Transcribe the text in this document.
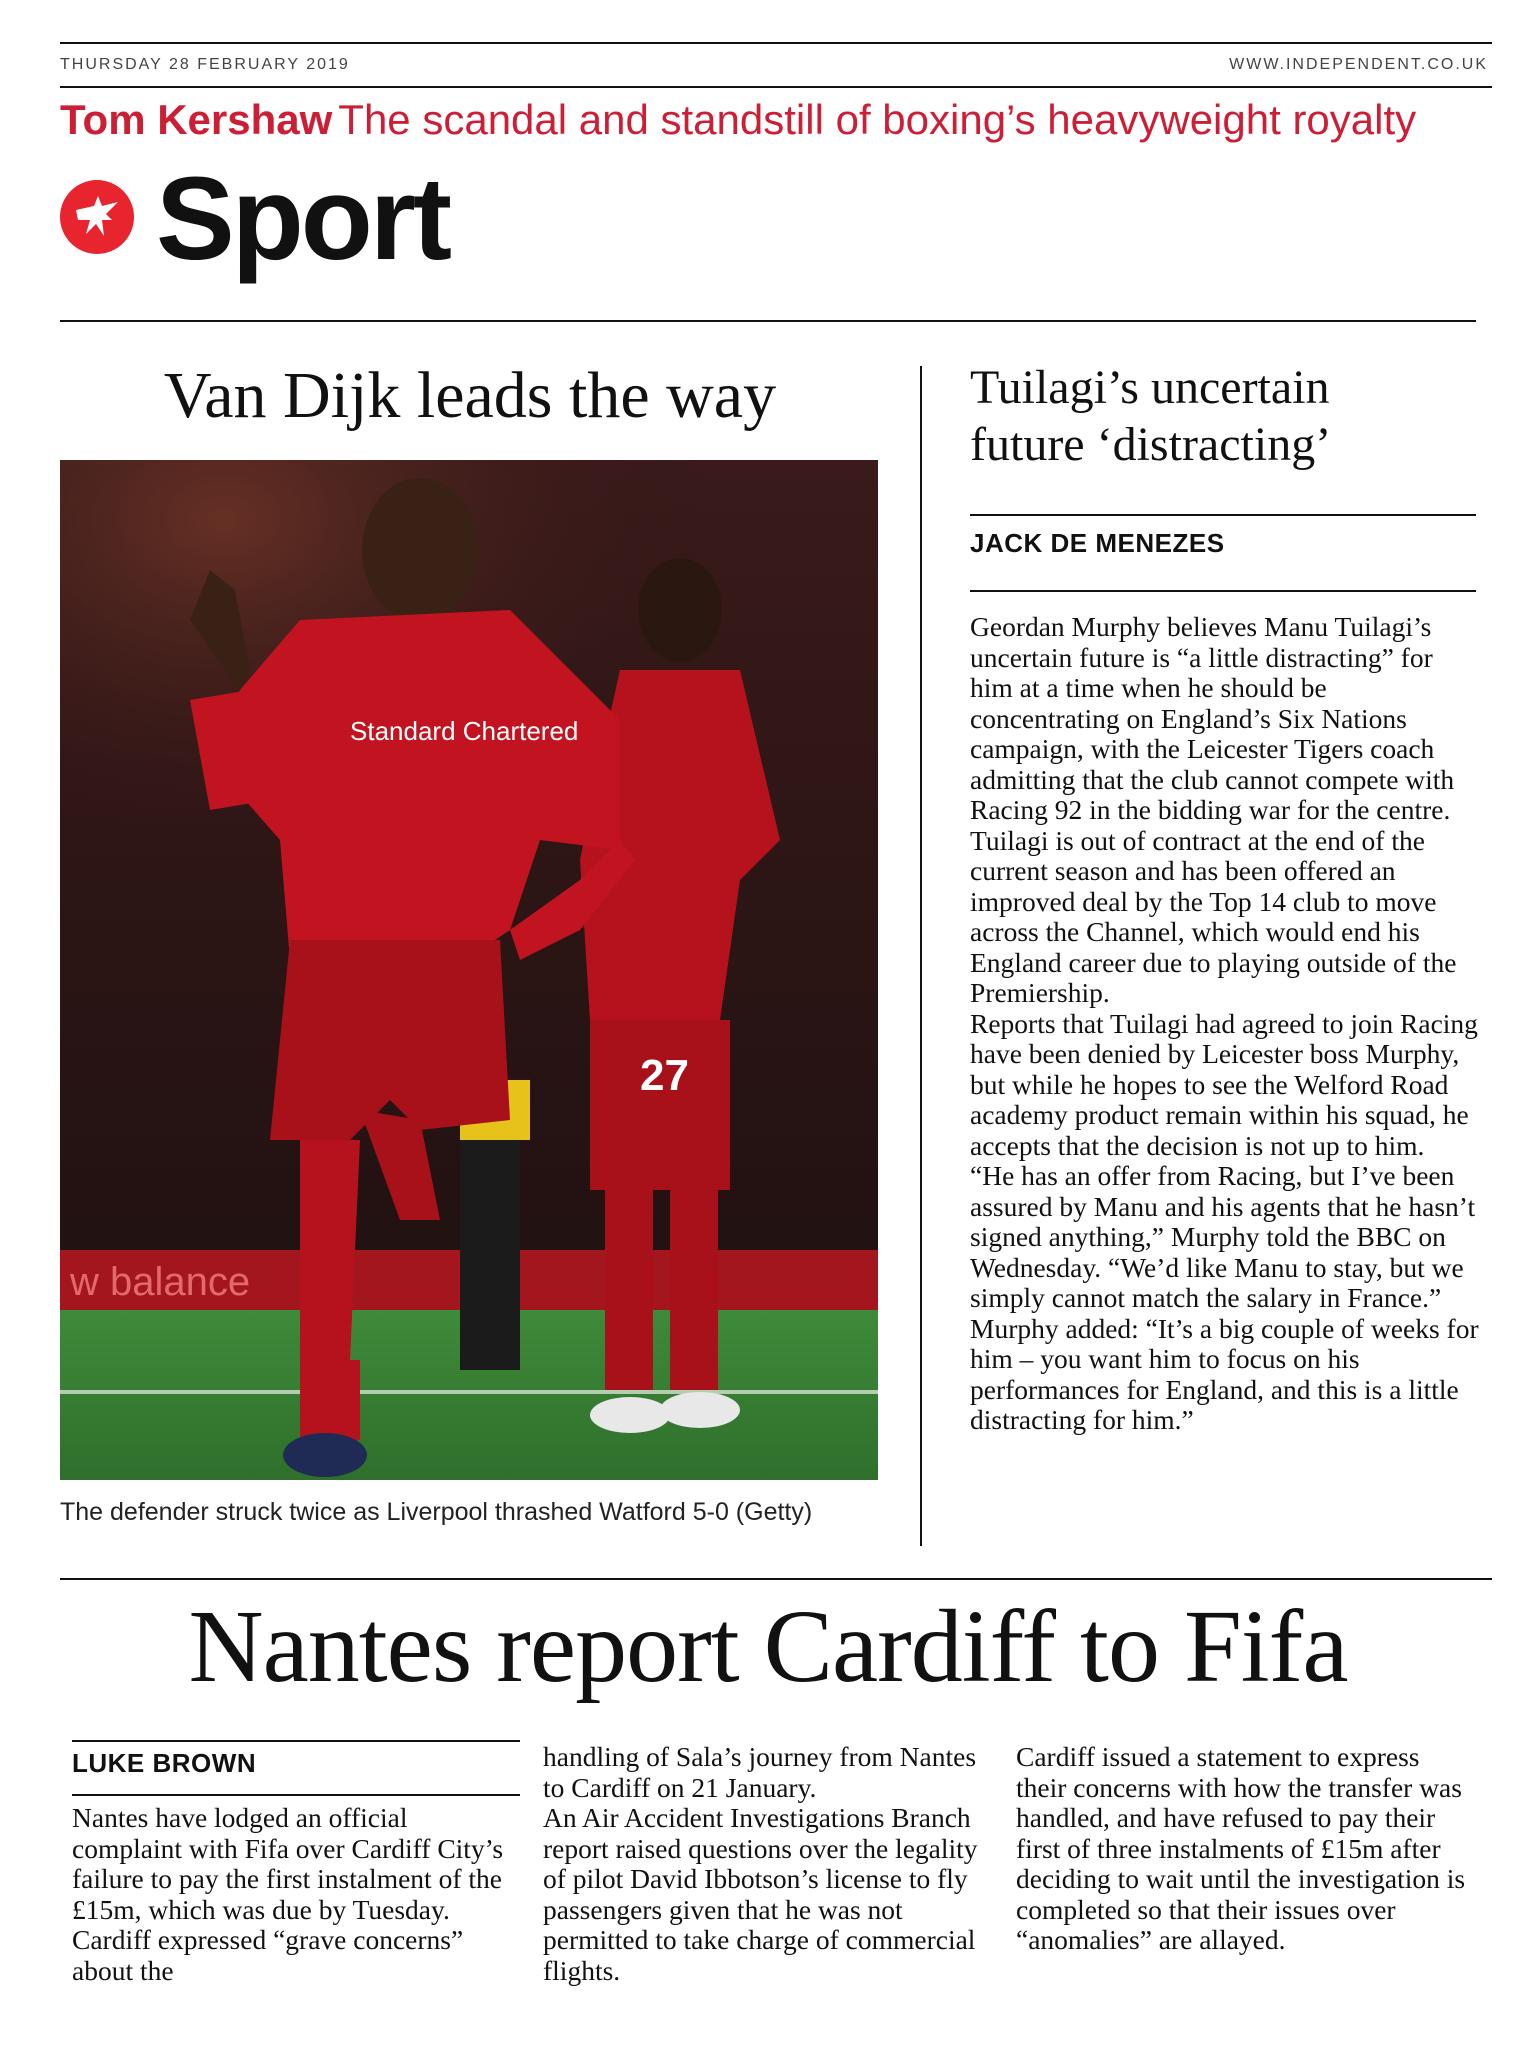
THURSDAY 28 FEBRUARY 2019	WWW.INDEPENDENT.CO.UK
Tom Kershaw The scandal and standstill of boxing’s heavyweight royalty
Sport
Van Dijk leads the way
w balance
27
Standard Chartered
The defender struck twice as Liverpool thrashed Watford 5-0 (Getty)
Tuilagi’s uncertain
future ‘distracting’
JACK DE MENEZES

Geordan Murphy believes Manu Tuilagi’s uncertain future is “a little distracting” for him at a time when he should be concentrating on England’s Six Nations campaign, with the Leicester Tigers coach admitting that the club cannot compete with Racing 92 in the bidding war for the centre.

Tuilagi is out of contract at the end of the current season and has been offered an improved deal by the Top 14 club to move across the Channel, which would end his England career due to playing outside of the Premiership.

Reports that Tuilagi had agreed to join Racing have been denied by Leicester boss Murphy, but while he hopes to see the Welford Road academy product remain within his squad, he accepts that the decision is not up to him.

“He has an offer from Racing, but I’ve been assured by Manu and his agents that he hasn’t signed anything,” Murphy told the BBC on Wednesday. “We’d like Manu to stay, but we simply cannot match the salary in France.”

Murphy added: “It’s a big couple of weeks for him – you want him to focus on his performances for England, and this is a little distracting for him.”

Nantes report Cardiff to Fifa
LUKE BROWN

Nantes have lodged an official complaint with Fifa over Cardiff City’s failure to pay the first instalment of the £15m, which was due by Tuesday. Cardiff expressed “grave concerns” about the

handling of Sala’s journey from Nantes to Cardiff on 21 January.

An Air Accident Investigations Branch report raised questions over the legality of pilot David Ibbotson’s license to fly passengers given that he was not permitted to take charge of commercial flights.

Cardiff issued a statement to express their concerns with how the transfer was handled, and have refused to pay their first of three instalments of £15m after deciding to wait until the investigation is completed so that their issues over “anomalies” are allayed.
